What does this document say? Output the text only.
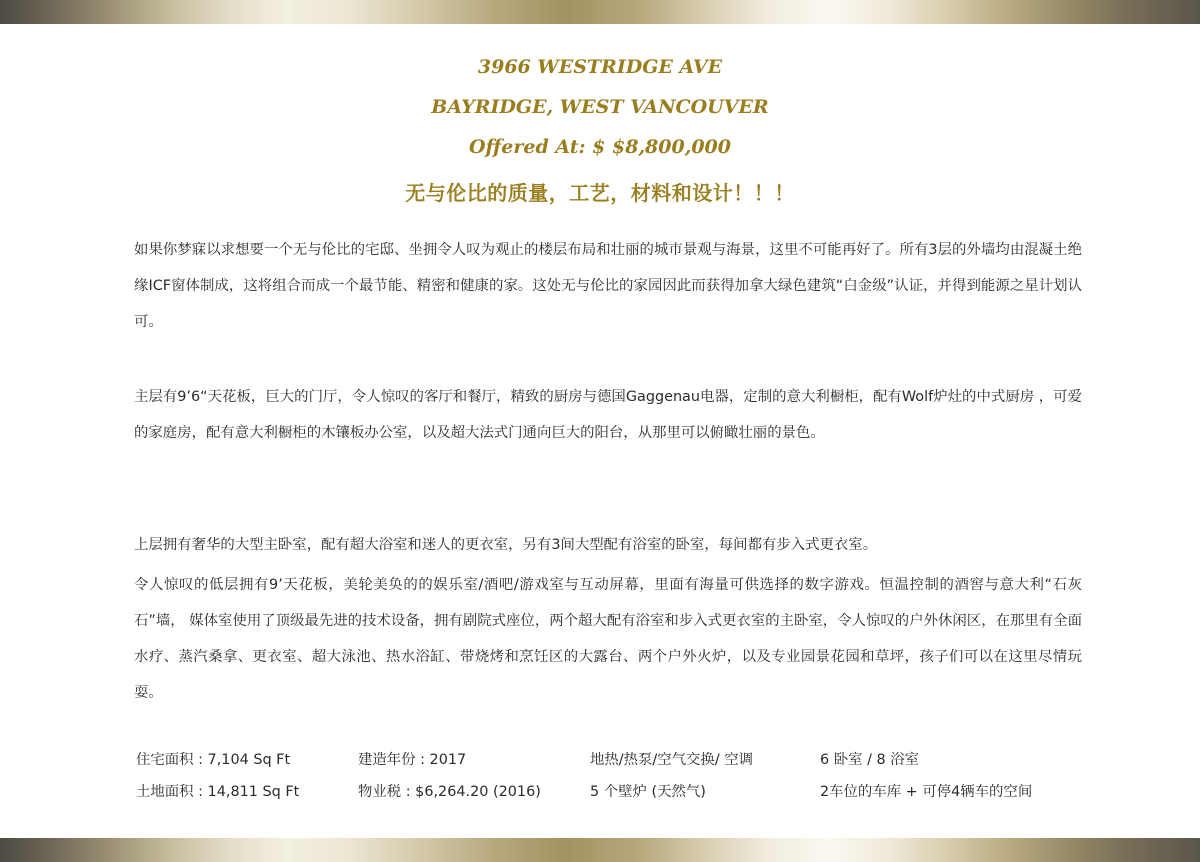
3966 WESTRIDGE AVE
BAYRIDGE, WEST VANCOUVER
Offered At: $ $8,800,000
无与伦比的质量，工艺，材料和设计！！！

如果你梦寐以求想要一个无与伦比的宅邸、坐拥令人叹为观止的楼层布局和壮丽的城市景观与海景，这里不可能再好了。所有3层的外墙均由混凝土绝缘ICF窗体制成，这将组合而成一个最节能、精密和健康的家。这处无与伦比的家园因此而获得加拿大绿色建筑“白金级”认证，并得到能源之星计划认可。

主层有9’6“天花板，巨大的门厅，令人惊叹的客厅和餐厅，精致的厨房与德国Gaggenau电器，定制的意大利橱柜，配有Wolf炉灶的中式厨房 ，可爱的家庭房，配有意大利橱柜的木镶板办公室，以及超大法式门通向巨大的阳台，从那里可以俯瞰壮丽的景色。

上层拥有奢华的大型主卧室，配有超大浴室和迷人的更衣室，另有3间大型配有浴室的卧室，每间都有步入式更衣室。

令人惊叹的低层拥有9’天花板，美轮美奂的的娱乐室/酒吧/游戏室与互动屏幕，里面有海量可供选择的数字游戏。恒温控制的酒窖与意大利“石灰石”墙， 媒体室使用了顶级最先进的技术设备，拥有剧院式座位，两个超大配有浴室和步入式更衣室的主卧室，令人惊叹的户外休闲区，在那里有全面水疗、蒸汽桑拿、更衣室、超大泳池、热水浴缸、带烧烤和烹饪区的大露台、两个户外火炉，以及专业园景花园和草坪，孩子们可以在这里尽情玩耍。

住宅面积 : 7,104 Sq Ft	建造年份 : 2017	地热/热泵/空气交换/ 空调	6 卧室 / 8 浴室
土地面积 : 14,811 Sq Ft	物业税 : $6,264.20 (2016)	5 个壁炉 (天然气)	2车位的车库 + 可停4辆车的空间
